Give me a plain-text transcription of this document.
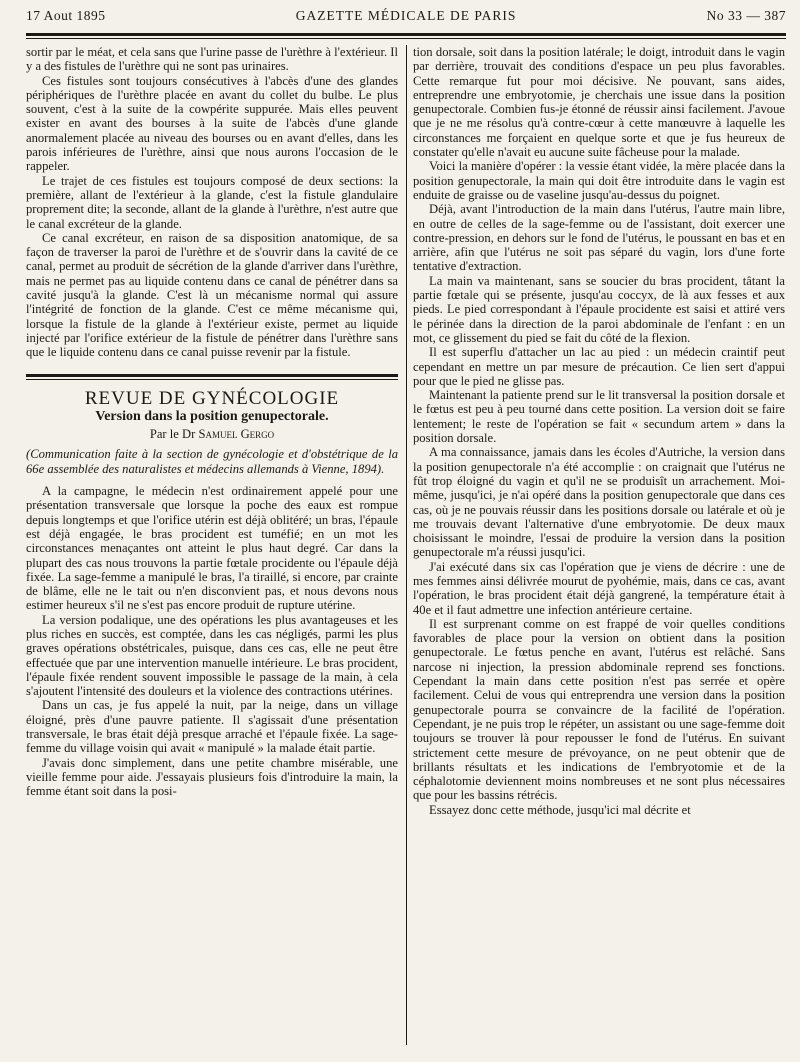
17 Aout 1895	GAZETTE MÉDICALE DE PARIS	No 33 — 387

sortir par le méat, et cela sans que l'urine passe de l'urèthre à l'extérieur. Il y a des fistules de l'urèthre qui ne sont pas urinaires.

Ces fistules sont toujours consécutives à l'abcès d'une des glandes périphériques de l'urèthre placée en avant du collet du bulbe. Le plus souvent, c'est à la suite de la cowpérite suppurée. Mais elles peuvent exister en avant des bourses à la suite de l'abcès d'une glande anormalement placée au niveau des bourses ou en avant d'elles, dans les parois inférieures de l'urèthre, ainsi que nous aurons l'occasion de le rappeler.

Le trajet de ces fistules est toujours composé de deux sections: la première, allant de l'extérieur à la glande, c'est la fistule glandulaire proprement dite; la seconde, allant de la glande à l'urèthre, n'est autre que le canal excréteur de la glande.

Ce canal excréteur, en raison de sa disposition anatomique, de sa façon de traverser la paroi de l'urèthre et de s'ouvrir dans la cavité de ce canal, permet au produit de sécrétion de la glande d'arriver dans l'urèthre, mais ne permet pas au liquide contenu dans ce canal de pénétrer dans sa cavité jusqu'à la glande. C'est là un mécanisme normal qui assure l'intégrité de fonction de la glande. C'est ce même mécanisme qui, lorsque la fistule de la glande à l'extérieur existe, permet au liquide injecté par l'orifice extérieur de la fistule de pénétrer dans l'urèthre sans que le liquide contenu dans ce canal puisse revenir par la fistule.

REVUE DE GYNÉCOLOGIE
Version dans la position genupectorale.
Par le Dr Samuel Gergo

(Communication faite à la section de gynécologie et d'obstétrique de la 66e assemblée des naturalistes et médecins allemands à Vienne, 1894).

A la campagne, le médecin n'est ordinairement appelé pour une présentation transversale que lorsque la poche des eaux est rompue depuis longtemps et que l'orifice utérin est déjà oblitéré; un bras, l'épaule est déjà engagée, le bras procident est tuméfié; en un mot les circonstances menaçantes ont atteint le plus haut degré. Car dans la plupart des cas nous trouvons la partie fœtale procidente ou l'épaule déjà fixée. La sage-femme a manipulé le bras, l'a tiraillé, si encore, par crainte de blâme, elle ne le tait ou n'en disconvient pas, et nous devons nous estimer heureux s'il ne s'est pas encore produit de rupture utérine.

La version podalique, une des opérations les plus avantageuses et les plus riches en succès, est comptée, dans les cas négligés, parmi les plus graves opérations obstétricales, puisque, dans ces cas, elle ne peut être effectuée que par une intervention manuelle intérieure. Le bras procident, l'épaule fixée rendent souvent impossible le passage de la main, à cela s'ajoutent l'intensité des douleurs et la violence des contractions utérines.

Dans un cas, je fus appelé la nuit, par la neige, dans un village éloigné, près d'une pauvre patiente. Il s'agissait d'une présentation transversale, le bras était déjà presque arraché et l'épaule fixée. La sage-femme du village voisin qui avait « manipulé » la malade était partie.

J'avais donc simplement, dans une petite chambre misérable, une vieille femme pour aide. J'essayais plusieurs fois d'introduire la main, la femme étant soit dans la posi-

tion dorsale, soit dans la position latérale; le doigt, introduit dans le vagin par derrière, trouvait des conditions d'espace un peu plus favorables. Cette remarque fut pour moi décisive. Ne pouvant, sans aides, entreprendre une embryotomie, je cherchais une issue dans la position genupectorale. Combien fus-je étonné de réussir ainsi facilement. J'avoue que je ne me résolus qu'à contre-cœur à cette manœuvre à laquelle les circonstances me forçaient en quelque sorte et que je fus heureux de constater qu'elle n'avait eu aucune suite fâcheuse pour la malade.

Voici la manière d'opérer : la vessie étant vidée, la mère placée dans la position genupectorale, la main qui doit être introduite dans le vagin est enduite de graisse ou de vaseline jusqu'au-dessus du poignet.

Déjà, avant l'introduction de la main dans l'utérus, l'autre main libre, en outre de celles de la sage-femme ou de l'assistant, doit exercer une contre-pression, en dehors sur le fond de l'utérus, le poussant en bas et en arrière, afin que l'utérus ne soit pas séparé du vagin, lors d'une forte tentative d'extraction.

La main va maintenant, sans se soucier du bras procident, tâtant la partie fœtale qui se présente, jusqu'au coccyx, de là aux fesses et aux pieds. Le pied correspondant à l'épaule procidente est saisi et attiré vers le périnée dans la direction de la paroi abdominale de l'enfant : en un mot, ce glissement du pied se fait du côté de la flexion.

Il est superflu d'attacher un lac au pied : un médecin craintif peut cependant en mettre un par mesure de précaution. Ce lien sert d'appui pour que le pied ne glisse pas.

Maintenant la patiente prend sur le lit transversal la position dorsale et le fœtus est peu à peu tourné dans cette position. La version doit se faire lentement; le reste de l'opération se fait « secundum artem » dans la position dorsale.

A ma connaissance, jamais dans les écoles d'Autriche, la version dans la position genupectorale n'a été accomplie : on craignait que l'utérus ne fût trop éloigné du vagin et qu'il ne se produisît un arrachement. Moi-même, jusqu'ici, je n'ai opéré dans la position genupectorale que dans ces cas, où je ne pouvais réussir dans les positions dorsale ou latérale et où je me trouvais devant l'alternative d'une embryotomie. De deux maux choisissant le moindre, l'essai de produire la version dans la position genupectorale m'a réussi jusqu'ici.

J'ai exécuté dans six cas l'opération que je viens de décrire : une de mes femmes ainsi délivrée mourut de pyohémie, mais, dans ce cas, avant l'opération, le bras procident était déjà gangrené, la température était à 40e et il faut admettre une infection antérieure certaine.

Il est surprenant comme on est frappé de voir quelles conditions favorables de place pour la version on obtient dans la position genupectorale. Le fœtus penche en avant, l'utérus est relâché. Sans narcose ni injection, la pression abdominale reprend ses fonctions. Cependant la main dans cette position n'est pas serrée et opère facilement. Celui de vous qui entreprendra une version dans la position genupectorale pourra se convaincre de la facilité de l'opération. Cependant, je ne puis trop le répéter, un assistant ou une sage-femme doit toujours se trouver là pour repousser le fond de l'utérus. En suivant strictement cette mesure de prévoyance, on ne peut obtenir que de brillants résultats et les indications de l'embryotomie et de la céphalotomie deviennent moins nombreuses et ne sont plus nécessaires que pour les bassins rétrécis.

Essayez donc cette méthode, jusqu'ici mal décrite et
